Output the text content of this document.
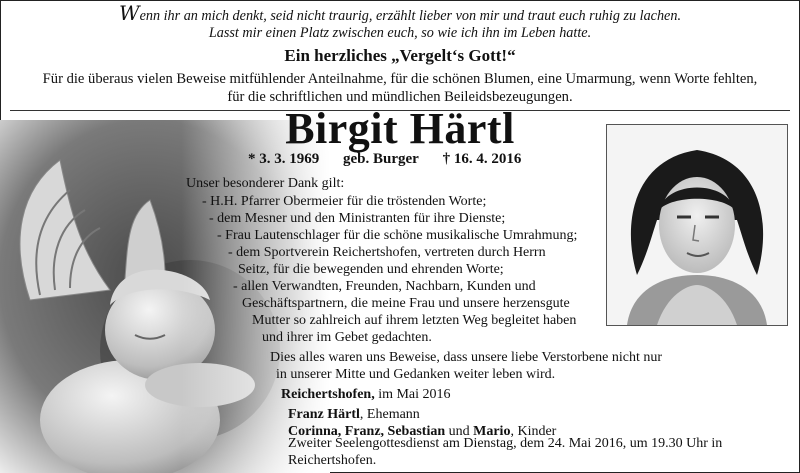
Wenn ihr an mich denkt, seid nicht traurig, erzählt lieber von mir und traut euch ruhig zu lachen.
Lasst mir einen Platz zwischen euch, so wie ich ihn im Leben hatte.
Ein herzliches „Vergelt‘s Gott!“
Für die überaus vielen Beweise mitfühlender Anteilnahme, für die schönen Blumen, eine Umarmung, wenn Worte fehlten,
für die schriftlichen und mündlichen Beileidsbezeugungen.
Birgit Härtl
* 3. 3. 1969 geb. Burger † 16. 4. 2016
Unser besonderer Dank gilt:
- H.H. Pfarrer Obermeier für die tröstenden Worte;
- dem Mesner und den Ministranten für ihre Dienste;
- Frau Lautenschlager für die schöne musikalische Umrahmung;
- dem Sportverein Reichertshofen, vertreten durch Herrn
Seitz, für die bewegenden und ehrenden Worte;
- allen Verwandten, Freunden, Nachbarn, Kunden und
Geschäftspartnern, die meine Frau und unsere herzensgute
Mutter so zahlreich auf ihrem letzten Weg begleitet haben
und ihrer im Gebet gedachten.
Dies alles waren uns Beweise, dass unsere liebe Verstorbene nicht nur
in unserer Mitte und Gedanken weiter leben wird.
Reichertshofen, im Mai 2016
Franz Härtl, Ehemann
Corinna, Franz, Sebastian und Mario, Kinder
Zweiter Seelengottesdienst am Dienstag, dem 24. Mai 2016, um 19.30 Uhr in
Reichertshofen.
